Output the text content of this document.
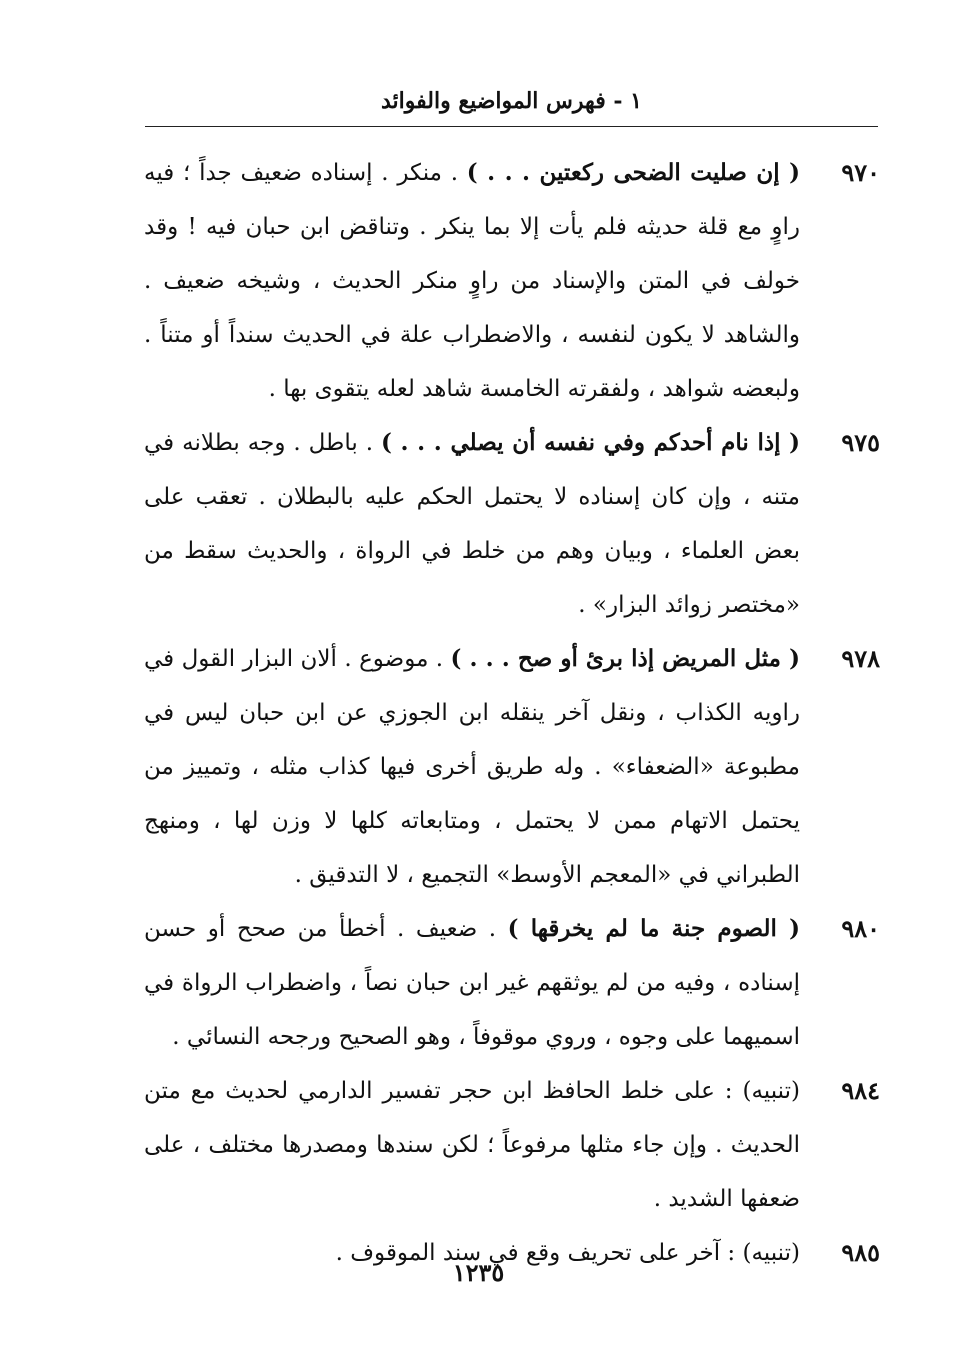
١ - فهرس المواضيع والفوائد
٩٧٠
( إن صليت الضحى ركعتين . . . ) . منكر . إسناده ضعيف جداً ؛ فيه راوٍ مع قلة حديثه فلم يأت إلا بما ينكر . وتناقض ابن حبان فيه ! وقد خولف في المتن والإسناد من راوٍ منكر الحديث ، وشيخه ضعيف . والشاهد لا يكون لنفسه ، والاضطراب علة في الحديث سنداً أو متناً . ولبعضه شواهد ، ولفقرته الخامسة شاهد لعله يتقوى بها .
٩٧٥
( إذا نام أحدكم وفي نفسه أن يصلي . . . ) . باطل . وجه بطلانه في متنه ، وإن كان إسناده لا يحتمل الحكم عليه بالبطلان . تعقب على بعض العلماء ، وبيان وهم من خلط في الرواة ، والحديث سقط من «مختصر زوائد البزار» .
٩٧٨
( مثل المريض إذا برئ أو صح . . . ) . موضوع . ألان البزار القول في راويه الكذاب ، ونقل آخر ينقله ابن الجوزي عن ابن حبان ليس في مطبوعة «الضعفاء» . وله طريق أخرى فيها كذاب مثله ، وتمييز من يحتمل الاتهام ممن لا يحتمل ، ومتابعاته كلها لا وزن لها ، ومنهج الطبراني في «المعجم الأوسط» التجميع ، لا التدقيق .
٩٨٠
( الصوم جنة ما لم يخرقها ) . ضعيف . أخطأ من صحح أو حسن إسناده ، وفيه من لم يوثقهم غير ابن حبان نصاً ، واضطراب الرواة في اسميهما على وجوه ، وروي موقوفاً ، وهو الصحيح ورجحه النسائي .
٩٨٤
(تنبيه) : على خلط الحافظ ابن حجر تفسير الدارمي لحديث مع متن الحديث . وإن جاء مثلها مرفوعاً ؛ لكن سندها ومصدرها مختلف ، على ضعفها الشديد .
٩٨٥
(تنبيه) : آخر على تحريف وقع في سند الموقوف .
١٢٣٥
